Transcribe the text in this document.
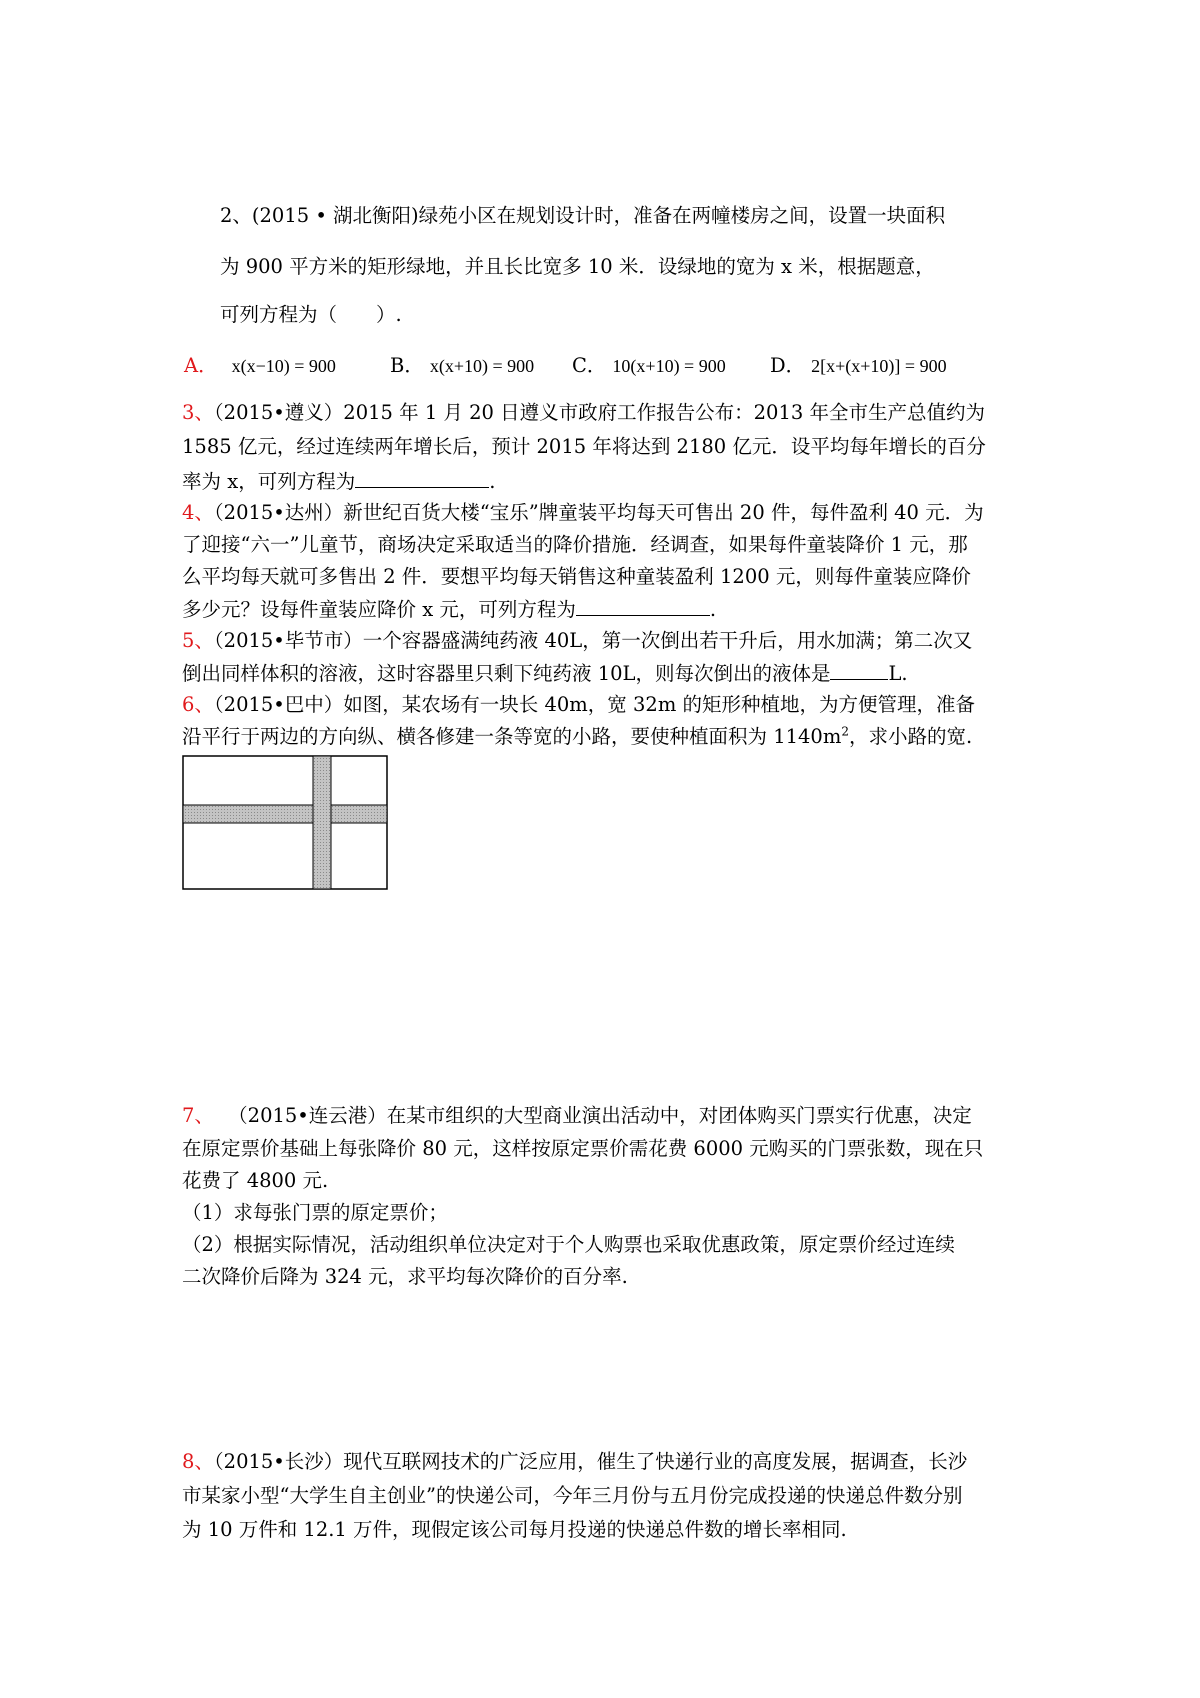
2、(2015 • 湖北衡阳)绿苑小区在规划设计时，准备在两幢楼房之间，设置一块面积
为 900 平方米的矩形绿地，并且长比宽多 10 米．设绿地的宽为 x 米，根据题意，
可列方程为（　　）.
A． x(x−10) = 900	B． x(x+10) = 900 C． 10(x+10) = 900 D． 2[x+(x+10)] = 900
3、（2015•遵义）2015 年 1 月 20 日遵义市政府工作报告公布：2013 年全市生产总值约为
1585 亿元，经过连续两年增长后，预计 2015 年将达到 2180 亿元．设平均每年增长的百分
率为 x，可列方程为	.
4、（2015•达州）新世纪百货大楼“宝乐”牌童装平均每天可售出 20 件，每件盈利 40 元．为
了迎接“六一”儿童节，商场决定采取适当的降价措施．经调查，如果每件童装降价 1 元，那
么平均每天就可多售出 2 件．要想平均每天销售这种童装盈利 1200 元，则每件童装应降价
多少元？设每件童装应降价 x 元，可列方程为	.
5、（2015•毕节市）一个容器盛满纯药液 40L，第一次倒出若干升后，用水加满；第二次又
倒出同样体积的溶液，这时容器里只剩下纯药液 10L，则每次倒出的液体是	L.
6、（2015•巴中）如图，某农场有一块长 40m，宽 32m 的矩形种植地，为方便管理，准备
沿平行于两边的方向纵、横各修建一条等宽的小路，要使种植面积为 $1140m^2$，求小路的宽.
7、 （2015•连云港）在某市组织的大型商业演出活动中，对团体购买门票实行优惠，决定
在原定票价基础上每张降价 80 元，这样按原定票价需花费 6000 元购买的门票张数，现在只
花费了 4800 元.
（1）求每张门票的原定票价；
（2）根据实际情况，活动组织单位决定对于个人购票也采取优惠政策，原定票价经过连续
二次降价后降为 324 元，求平均每次降价的百分率.
8、（2015•长沙）现代互联网技术的广泛应用，催生了快递行业的高度发展，据调查，长沙
市某家小型“大学生自主创业”的快递公司，今年三月份与五月份完成投递的快递总件数分别
为 10 万件和 12.1 万件，现假定该公司每月投递的快递总件数的增长率相同.
